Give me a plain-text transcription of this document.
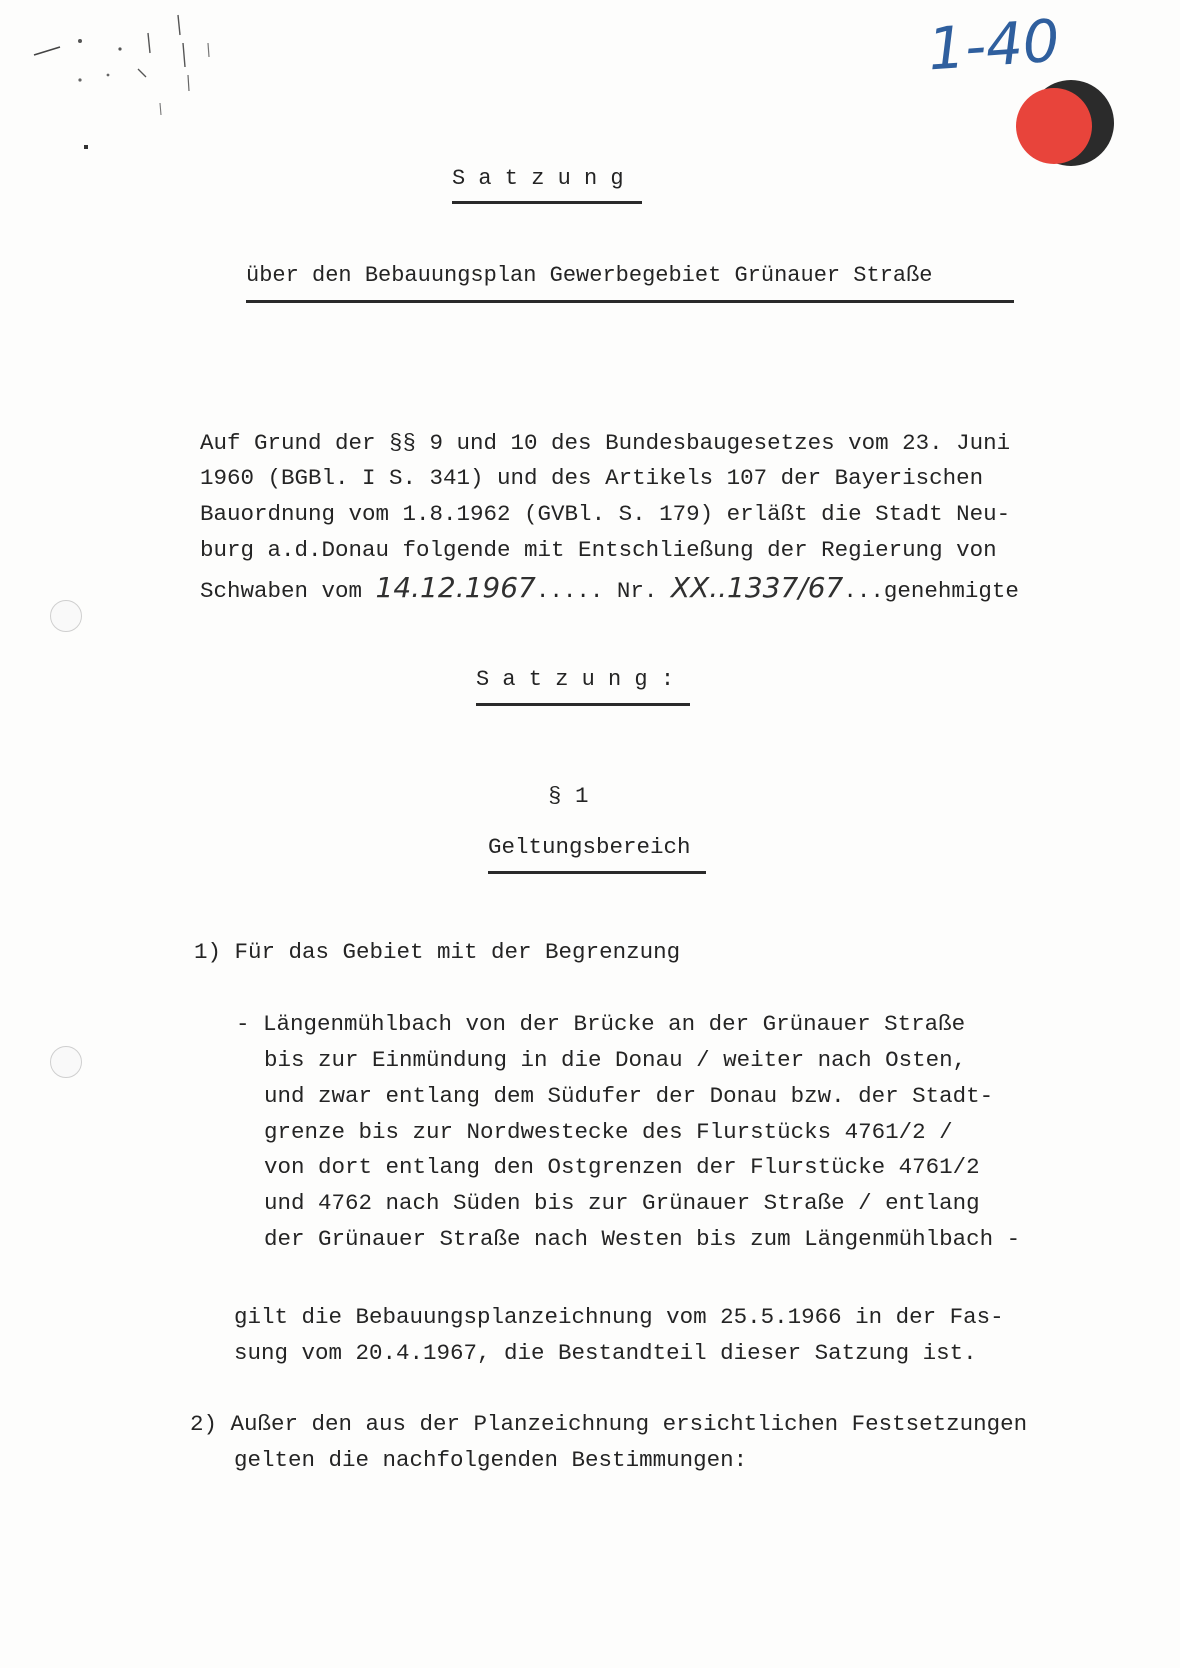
1-40
S a t z u n g
über den Bebauungsplan Gewerbegebiet Grünauer Straße
Auf Grund der §§ 9 und 10 des Bundesbaugesetzes vom 23. Juni
1960 (BGBl. I S. 341) und des Artikels 107 der Bayerischen
Bauordnung vom 1.8.1962 (GVBl. S. 179) erläßt die Stadt Neu-
burg a.d.Donau folgende mit Entschließung der Regierung von
Schwaben vom 14.12.1967..... Nr. XX..1337/67...genehmigte
S a t z u n g :
§ 1
Geltungsbereich
1) Für das Gebiet mit der Begrenzung
- Längenmühlbach von der Brücke an der Grünauer Straße
bis zur Einmündung in die Donau / weiter nach Osten,
und zwar entlang dem Südufer der Donau bzw. der Stadt-
grenze bis zur Nordwestecke des Flurstücks 4761/2 /
von dort entlang den Ostgrenzen der Flurstücke 4761/2
und 4762 nach Süden bis zur Grünauer Straße / entlang
der Grünauer Straße nach Westen bis zum Längenmühlbach -
gilt die Bebauungsplanzeichnung vom 25.5.1966 in der Fas-
sung vom 20.4.1967, die Bestandteil dieser Satzung ist.
2) Außer den aus der Planzeichnung ersichtlichen Festsetzungen
gelten die nachfolgenden Bestimmungen:
